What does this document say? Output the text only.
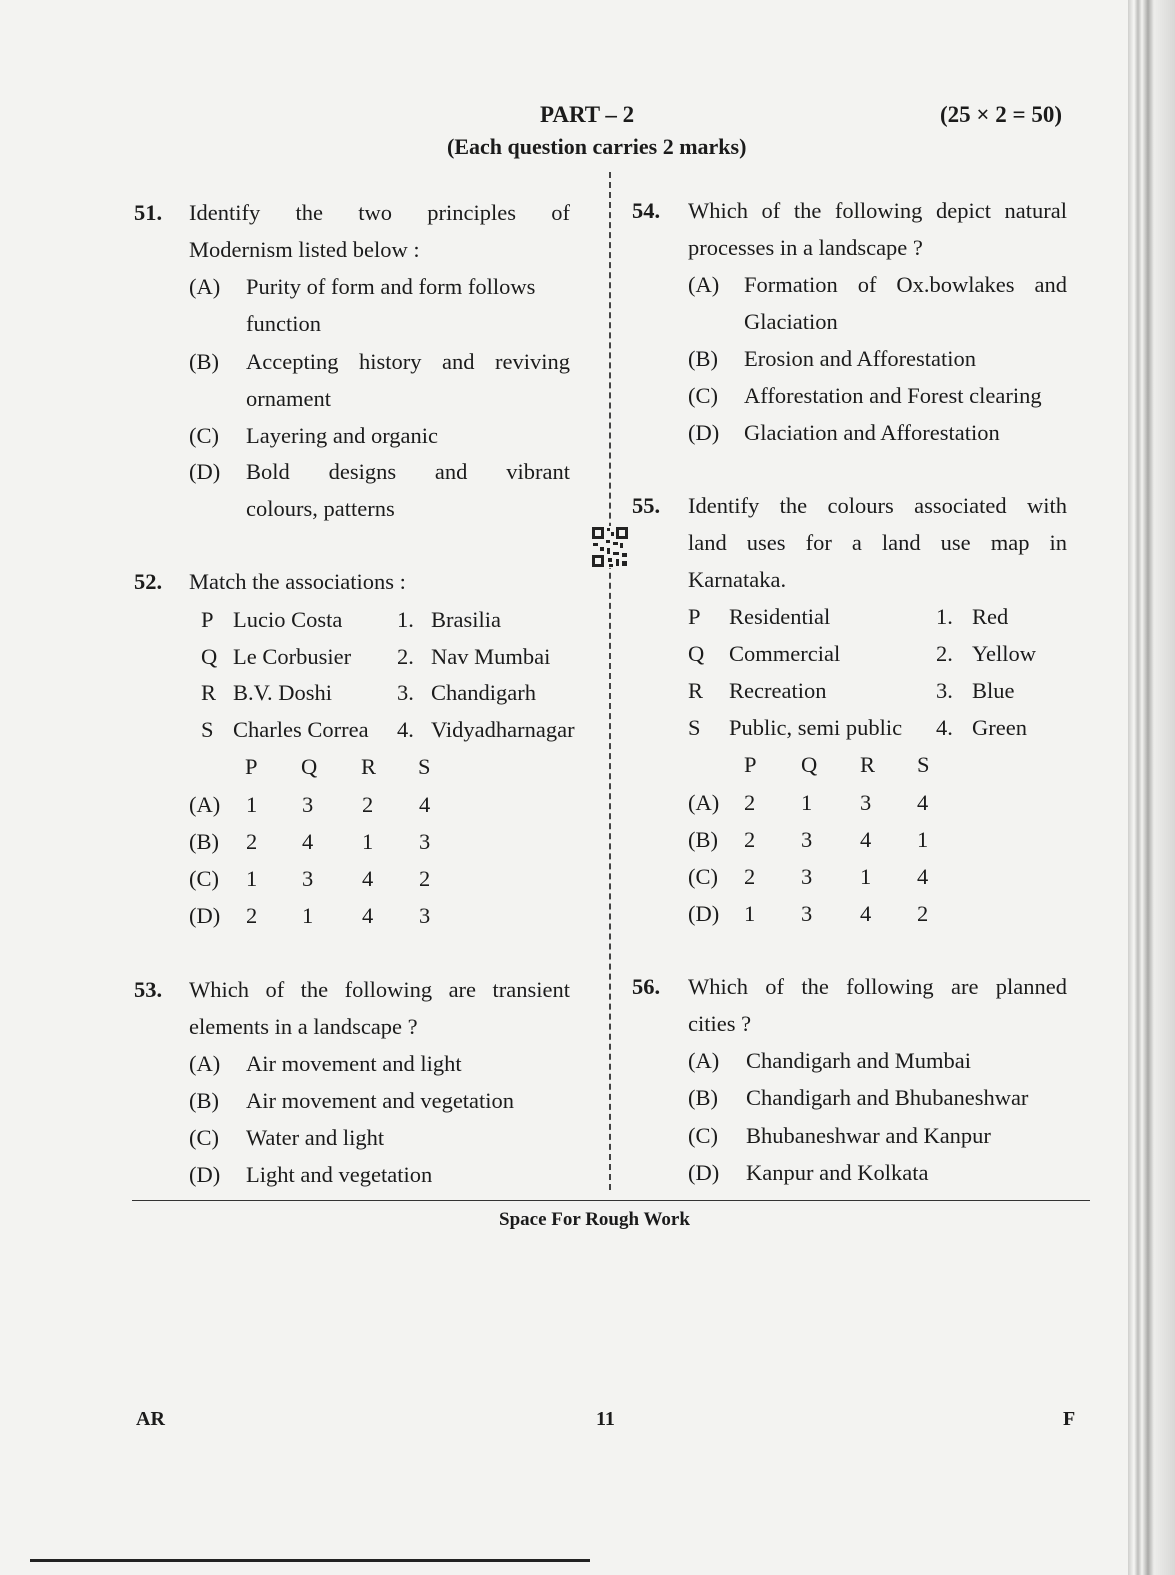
PART – 2	(25 × 2 = 50)
(Each question carries 2 marks)
51. Identify the two principles of
Modernism listed below :
(A) Purity of form and form follows
function
(B) Accepting history and reviving
ornament
(C) Layering and organic
(D) Bold designs and vibrant
colours, patterns
52. Match the associations :
P Lucio Costa 1. Brasilia
Q Le Corbusier 2. Nav Mumbai
R B.V. Doshi	3. Chandigarh
S Charles Correa 4. Vidyadharnagar
P Q R S
(A) 1 3 2 4
(B) 2 4 1 3
(C) 1 3 4 2
(D) 2 1 4 3
53. Which of the following are transient
elements in a landscape ?
(A) Air movement and light
(B) Air movement and vegetation
(C) Water and light
(D) Light and vegetation
54. Which of the following depict natural
processes in a landscape ?
(A) Formation of Ox.bowlakes and
Glaciation
(B) Erosion and Afforestation
(C) Afforestation and Forest clearing
(D) Glaciation and Afforestation
55. Identify the colours associated with
land uses for a land use map in
Karnataka.
P Residential	1. Red
Q Commercial	2. Yellow
R Recreation	3. Blue
S Public, semi public 4. Green
P Q R S
(A) 2 1 3 4
(B) 2 3 4 1
(C) 2 3 1 4
(D) 1 3 4 2
56. Which of the following are planned
cities ?
(A) Chandigarh and Mumbai
(B) Chandigarh and Bhubaneshwar
(C) Bhubaneshwar and Kanpur
(D) Kanpur and Kolkata
Space For Rough Work
AR	11	F
